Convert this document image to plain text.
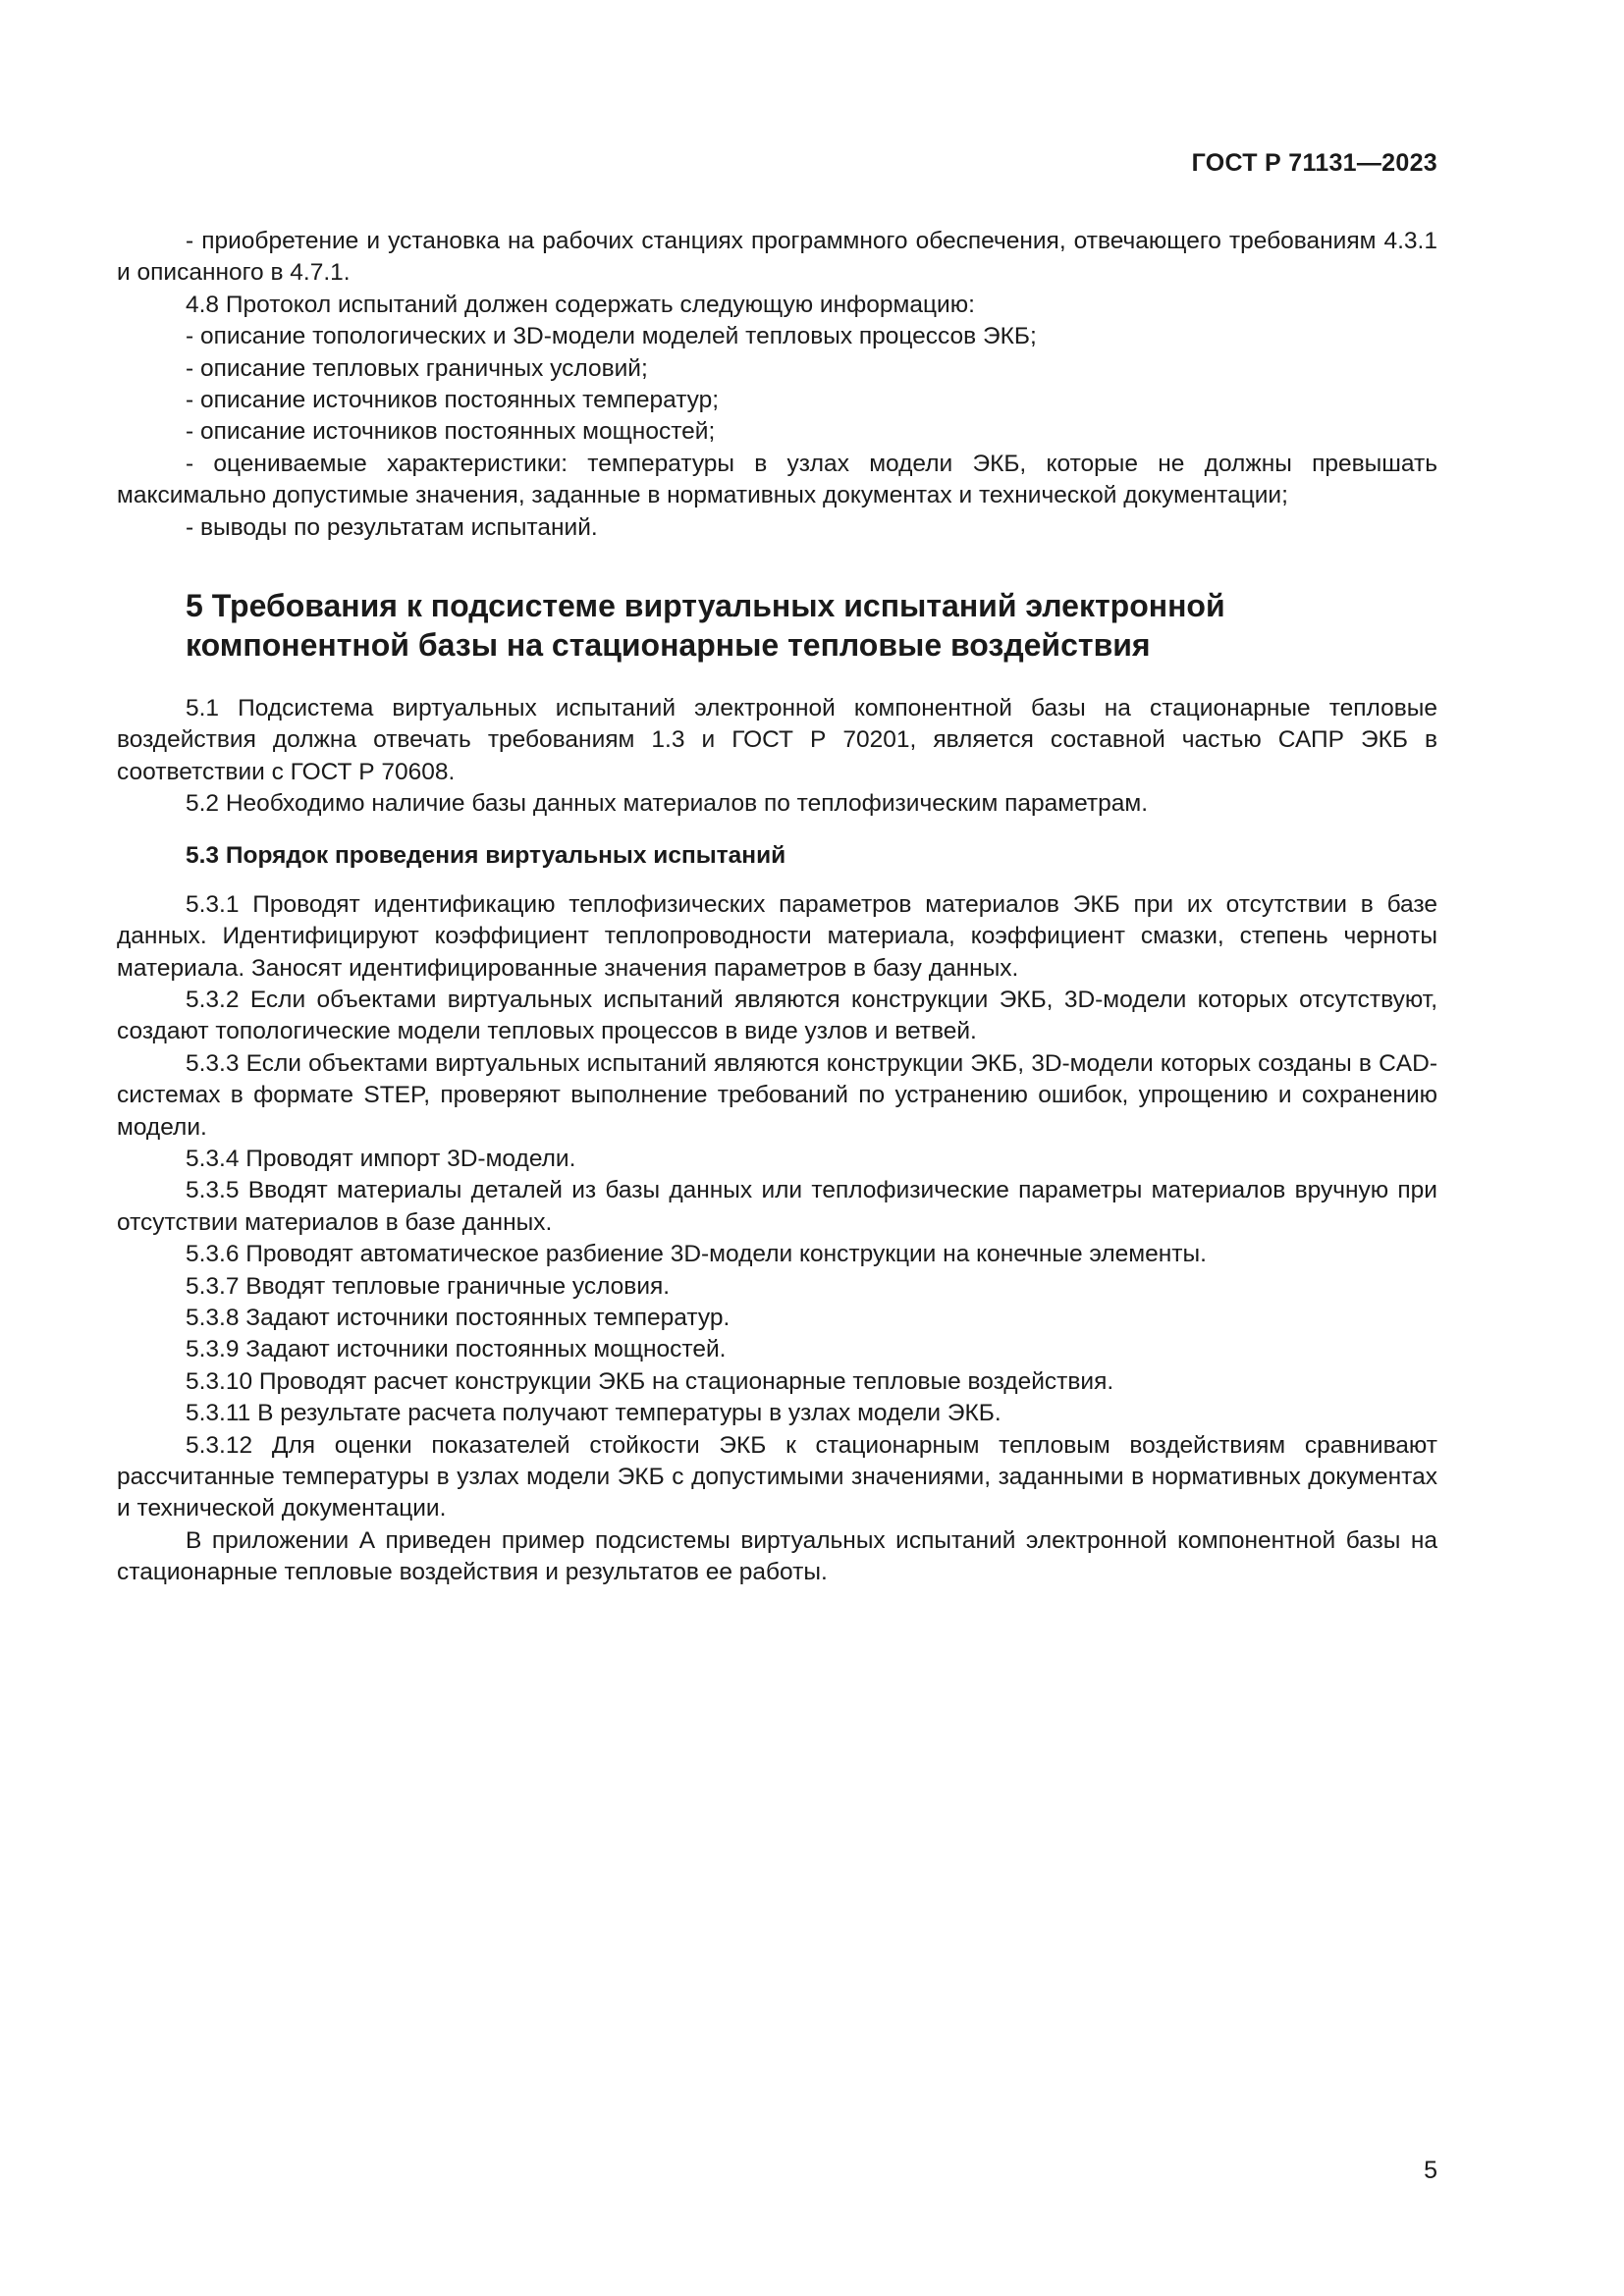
ГОСТ Р 71131—2023

- приобретение и установка на рабочих станциях программного обеспечения, отвечающего требованиям 4.3.1 и описанного в 4.7.1.

4.8 Протокол испытаний должен содержать следующую информацию:

- описание топологических и 3D-модели моделей тепловых процессов ЭКБ;

- описание тепловых граничных условий;

- описание источников постоянных температур;

- описание источников постоянных мощностей;

- оцениваемые характеристики: температуры в узлах модели ЭКБ, которые не должны превышать максимально допустимые значения, заданные в нормативных документах и технической документации;

- выводы по результатам испытаний.

5 Требования к подсистеме виртуальных испытаний электронной компонентной базы на стационарные тепловые воздействия

5.1 Подсистема виртуальных испытаний электронной компонентной базы на стационарные тепловые воздействия должна отвечать требованиям 1.3 и ГОСТ Р 70201, является составной частью САПР ЭКБ в соответствии с ГОСТ Р 70608.

5.2 Необходимо наличие базы данных материалов по теплофизическим параметрам.

5.3 Порядок проведения виртуальных испытаний

5.3.1 Проводят идентификацию теплофизических параметров материалов ЭКБ при их отсутствии в базе данных. Идентифицируют коэффициент теплопроводности материала, коэффициент смазки, степень черноты материала. Заносят идентифицированные значения параметров в базу данных.

5.3.2 Если объектами виртуальных испытаний являются конструкции ЭКБ, 3D-модели которых отсутствуют, создают топологические модели тепловых процессов в виде узлов и ветвей.

5.3.3 Если объектами виртуальных испытаний являются конструкции ЭКБ, 3D-модели которых созданы в CAD-системах в формате STEP, проверяют выполнение требований по устранению ошибок, упрощению и сохранению модели.

5.3.4 Проводят импорт 3D-модели.

5.3.5 Вводят материалы деталей из базы данных или теплофизические параметры материалов вручную при отсутствии материалов в базе данных.

5.3.6 Проводят автоматическое разбиение 3D-модели конструкции на конечные элементы.

5.3.7 Вводят тепловые граничные условия.

5.3.8 Задают источники постоянных температур.

5.3.9 Задают источники постоянных мощностей.

5.3.10 Проводят расчет конструкции ЭКБ на стационарные тепловые воздействия.

5.3.11 В результате расчета получают температуры в узлах модели ЭКБ.

5.3.12 Для оценки показателей стойкости ЭКБ к стационарным тепловым воздействиям сравнивают рассчитанные температуры в узлах модели ЭКБ с допустимыми значениями, заданными в нормативных документах и технической документации.

В приложении А приведен пример подсистемы виртуальных испытаний электронной компонентной базы на стационарные тепловые воздействия и результатов ее работы.

5
